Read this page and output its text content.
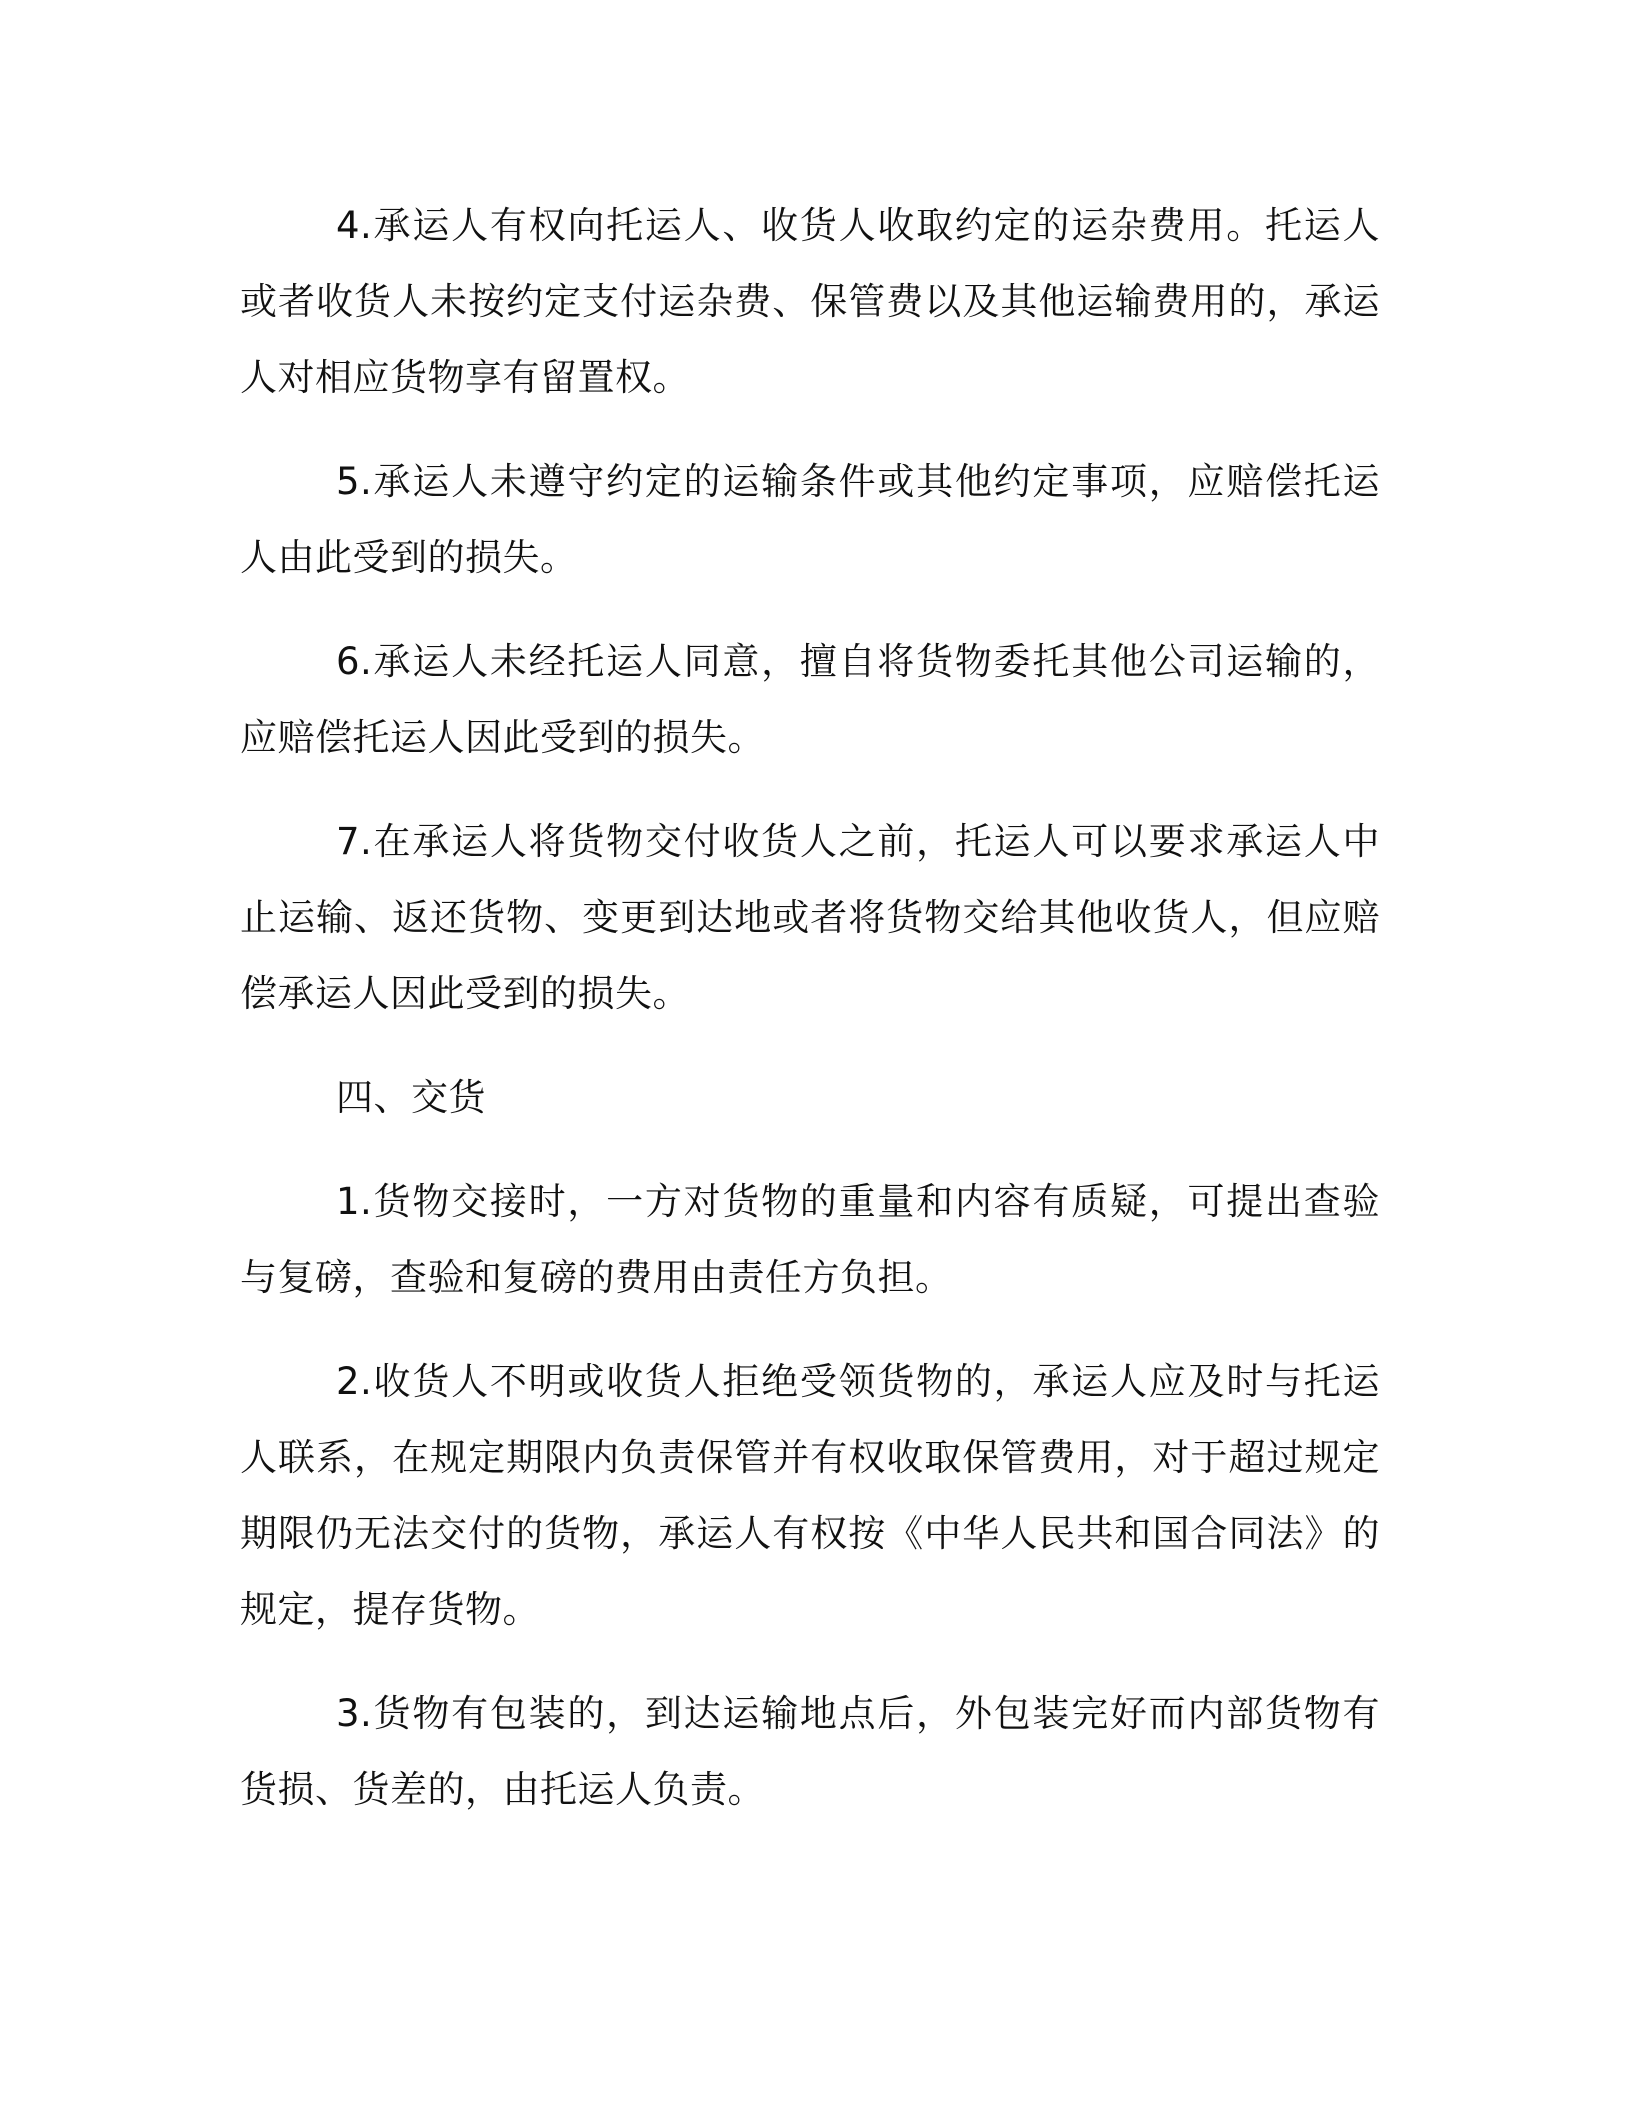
4.承运人有权向托运人、收货人收取约定的运杂费用。托运人或者收货人未按约定支付运杂费、保管费以及其他运输费用的，承运人对相应货物享有留置权。

5.承运人未遵守约定的运输条件或其他约定事项，应赔偿托运人由此受到的损失。

6.承运人未经托运人同意，擅自将货物委托其他公司运输的，应赔偿托运人因此受到的损失。

7.在承运人将货物交付收货人之前，托运人可以要求承运人中止运输、返还货物、变更到达地或者将货物交给其他收货人，但应赔偿承运人因此受到的损失。

四、交货

1.货物交接时，一方对货物的重量和内容有质疑，可提出查验与复磅，查验和复磅的费用由责任方负担。

2.收货人不明或收货人拒绝受领货物的，承运人应及时与托运人联系，在规定期限内负责保管并有权收取保管费用，对于超过规定期限仍无法交付的货物，承运人有权按《中华人民共和国合同法》的规定，提存货物。

3.货物有包装的，到达运输地点后，外包装完好而内部货物有货损、货差的，由托运人负责。
